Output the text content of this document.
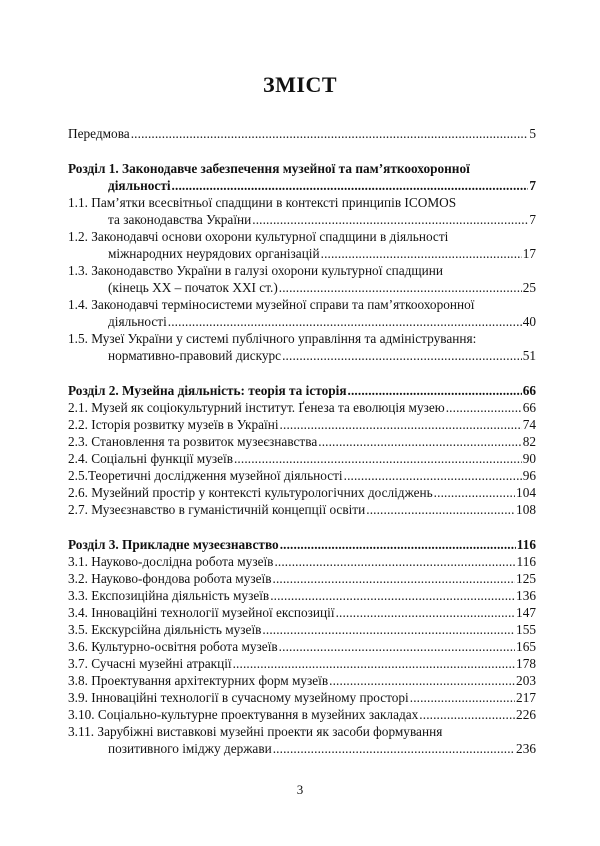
ЗМІСТ
Передмова . . .	5
Розділ 1. Законодавче забезпечення музейної та пам’яткоохоронної
діяльності . . .	7
1.1. Пам’ятки всесвітньої спадщини в контексті принципів ICOMOS
та законодавства України . . .	7
1.2. Законодавчі основи охорони культурної спадщини в діяльності
міжнародних неурядових організацій . . .	17
1.3. Законодавство України в галузі охорони культурної спадщини
(кінець XX – початок XXI ст.) . . .	25
1.4. Законодавчі терміносистеми музейної справи та пам’яткоохоронної
діяльності . . .	40
1.5. Музеї України у системі публічного управління та адміністрування:
нормативно-правовий дискурс . . .	51
Розділ 2. Музейна діяльність: теорія та історія . . .	66
2.1. Музей як соціокультурний інститут. Ґенеза та еволюція музею . . .	66
2.2. Історія розвитку музеїв в Україні . . .	74
2.3. Становлення та розвиток музеєзнавства . . .	82
2.4. Соціальні функції музеїв . . .	90
2.5.Теоретичні дослідження музейної діяльності . . .	96
2.6. Музейний простір у контексті культурологічних досліджень . . .	104
2.7. Музеєзнавство в гуманістичній концепції освіти . . .	108
Розділ 3. Прикладне музеєзнавство . . .	116
3.1. Науково-дослідна робота музеїв . . .	116
3.2. Науково-фондова робота музеїв . . .	125
3.3. Експозиційна діяльність музеїв . . .	136
3.4. Інноваційні технології музейної експозиції . . .	147
3.5. Екскурсійна діяльність музеїв . . .	155
3.6. Культурно-освітня робота музеїв . . .	165
3.7. Сучасні музейні атракції . . .	178
3.8. Проектування архітектурних форм музеїв . . .	203
3.9. Інноваційні технології в сучасному музейному просторі . . .	217
3.10. Соціально-культурне проектування в музейних закладах . . .	226
3.11. Зарубіжні виставкові музейні проекти як засоби формування
позитивного іміджу держави . . .	236
3
